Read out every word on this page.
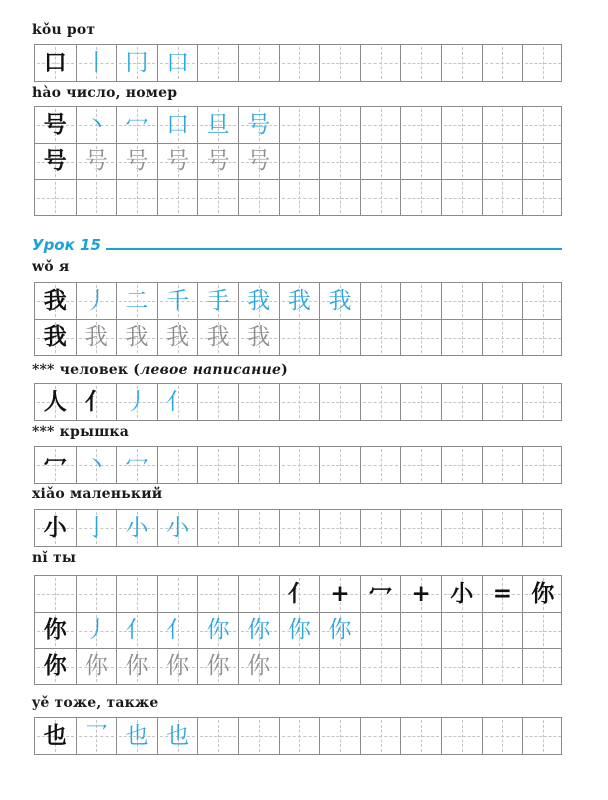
kǒu рот
口 丨 冂 口
hào число, номер
号 丶 冖 口 旦 号
号 号 号 号 号 号
Урок 15
wǒ я
我 丿 二 千 手 我 我 我
我 我 我 我 我 我
*** человек (левое написание)
人 亻 丿 亻
*** крышка
冖 丶 冖
xiǎo маленький
小 亅 小 小
nǐ ты
亻 + 冖 + 小 = 你
你 丿 亻 亻 你 你 你 你
你 你 你 你 你 你
yě тоже, также
也 乛 也 也
